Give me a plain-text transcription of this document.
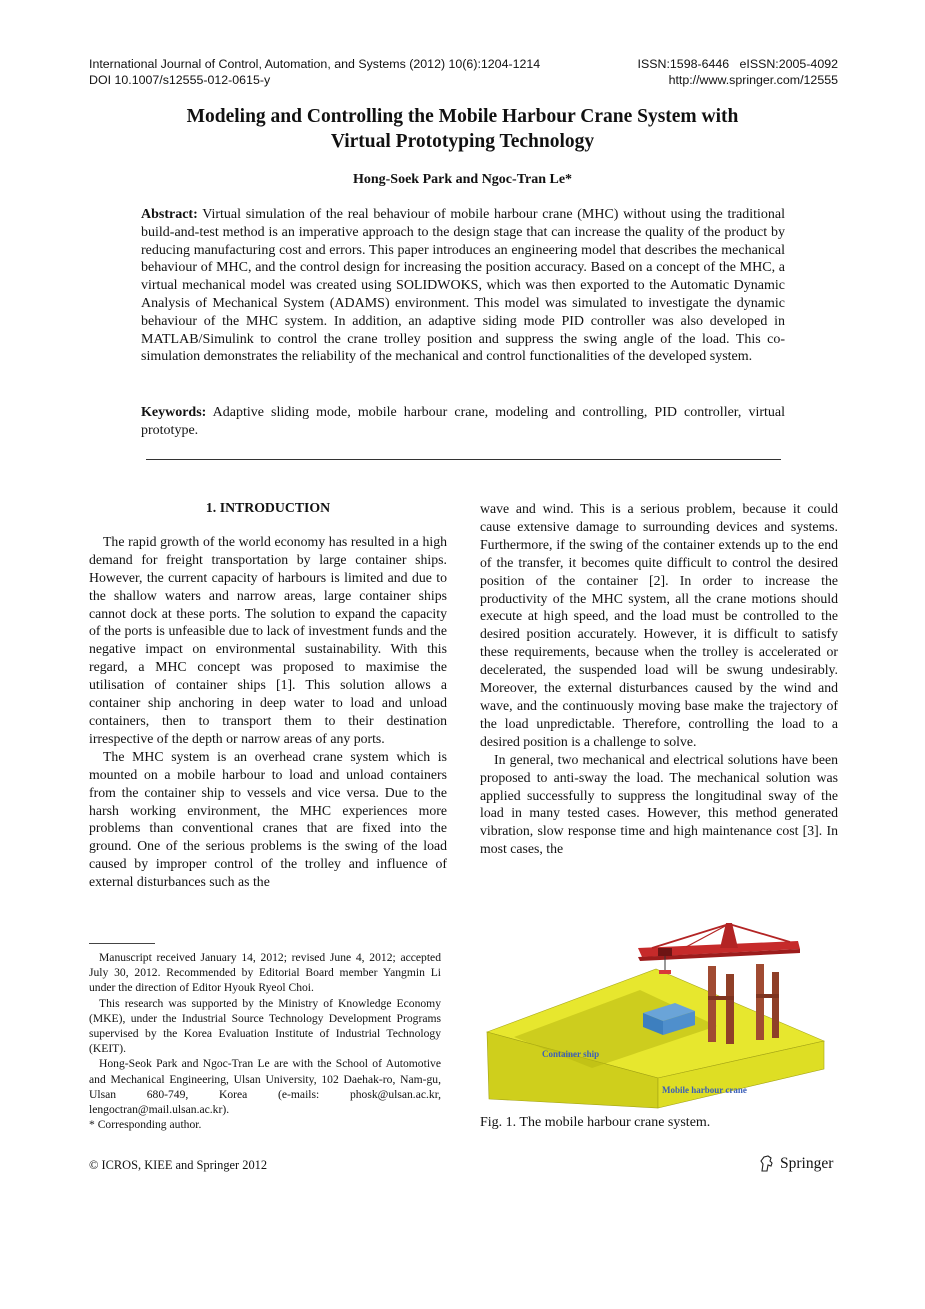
International Journal of Control, Automation, and Systems (2012) 10(6):1204-1214
DOI 10.1007/s12555-012-0615-y
ISSN:1598-6446   eISSN:2005-4092
http://www.springer.com/12555
Modeling and Controlling the Mobile Harbour Crane System with
Virtual Prototyping Technology
Hong-Soek Park and Ngoc-Tran Le*
Abstract: Virtual simulation of the real behaviour of mobile harbour crane (MHC) without using the traditional build-and-test method is an imperative approach to the design stage that can increase the quality of the product by reducing manufacturing cost and errors. This paper introduces an engineering model that describes the mechanical behaviour of MHC, and the control design for increasing the position accuracy. Based on a concept of the MHC, a virtual mechanical model was created using SOLIDWOKS, which was then exported to the Automatic Dynamic Analysis of Mechanical System (ADAMS) environment. This model was simulated to investigate the dynamic behaviour of the MHC system. In addition, an adaptive siding mode PID controller was also developed in MATLAB/Simulink to control the crane trolley position and suppress the swing angle of the load. This co-simulation demonstrates the reliability of the mechanical and control functionalities of the developed system.
Keywords: Adaptive sliding mode, mobile harbour crane, modeling and controlling, PID controller, virtual prototype.
1. INTRODUCTION

The rapid growth of the world economy has resulted in a high demand for freight transportation by large container ships. However, the current capacity of harbours is limited and due to the shallow waters and narrow areas, large container ships cannot dock at these ports. The solution to expand the capacity of the ports is unfeasible due to lack of investment funds and the negative impact on environmental sustainability. With this regard, a MHC concept was proposed to maximise the utilisation of container ships [1]. This solution allows a container ship anchoring in deep water to load and unload containers, then to transport them to their destination irrespective of the depth or narrow areas of any ports.

The MHC system is an overhead crane system which is mounted on a mobile harbour to load and unload containers from the container ship to vessels and vice versa. Due to the harsh working environment, the MHC experiences more problems than conventional cranes that are fixed into the ground. One of the serious problems is the swing of the load caused by improper control of the trolley and influence of external disturbances such as the

wave and wind. This is a serious problem, because it could cause extensive damage to surrounding devices and systems. Furthermore, if the swing of the container extends up to the end of the transfer, it becomes quite difficult to control the desired position of the container [2]. In order to increase the productivity of the MHC system, all the crane motions should execute at high speed, and the load must be controlled to the desired position accurately. However, it is difficult to satisfy these requirements, because when the trolley is accelerated or decelerated, the suspended load will be swung undesirably. Moreover, the external disturbances caused by the wind and wave, and the continuously moving base make the trajectory of the load unpredictable. Therefore, controlling the load to a desired position is a challenge to solve.

In general, two mechanical and electrical solutions have been proposed to anti-sway the load. The mechanical solution was applied successfully to suppress the longitudinal sway of the load in many tested cases. However, this method generated vibration, slow response time and high maintenance cost [3]. In most cases, the

Manuscript received January 14, 2012; revised June 4, 2012; accepted July 30, 2012. Recommended by Editorial Board member Yangmin Li under the direction of Editor Hyouk Ryeol Choi.

This research was supported by the Ministry of Knowledge Economy (MKE), under the Industrial Source Technology Development Programs supervised by the Korea Evaluation Institute of Industrial Technology (KEIT).

Hong-Seok Park and Ngoc-Tran Le are with the School of Automotive and Mechanical Engineering, Ulsan University, 102 Daehak-ro, Nam-gu, Ulsan 680-749, Korea (e-mails: phosk@ulsan.ac.kr, lengoctran@mail.ulsan.ac.kr).

* Corresponding author.

Container ship
Mobile harbour crane
Fig. 1. The mobile harbour crane system.
© ICROS, KIEE and Springer 2012	Springer
